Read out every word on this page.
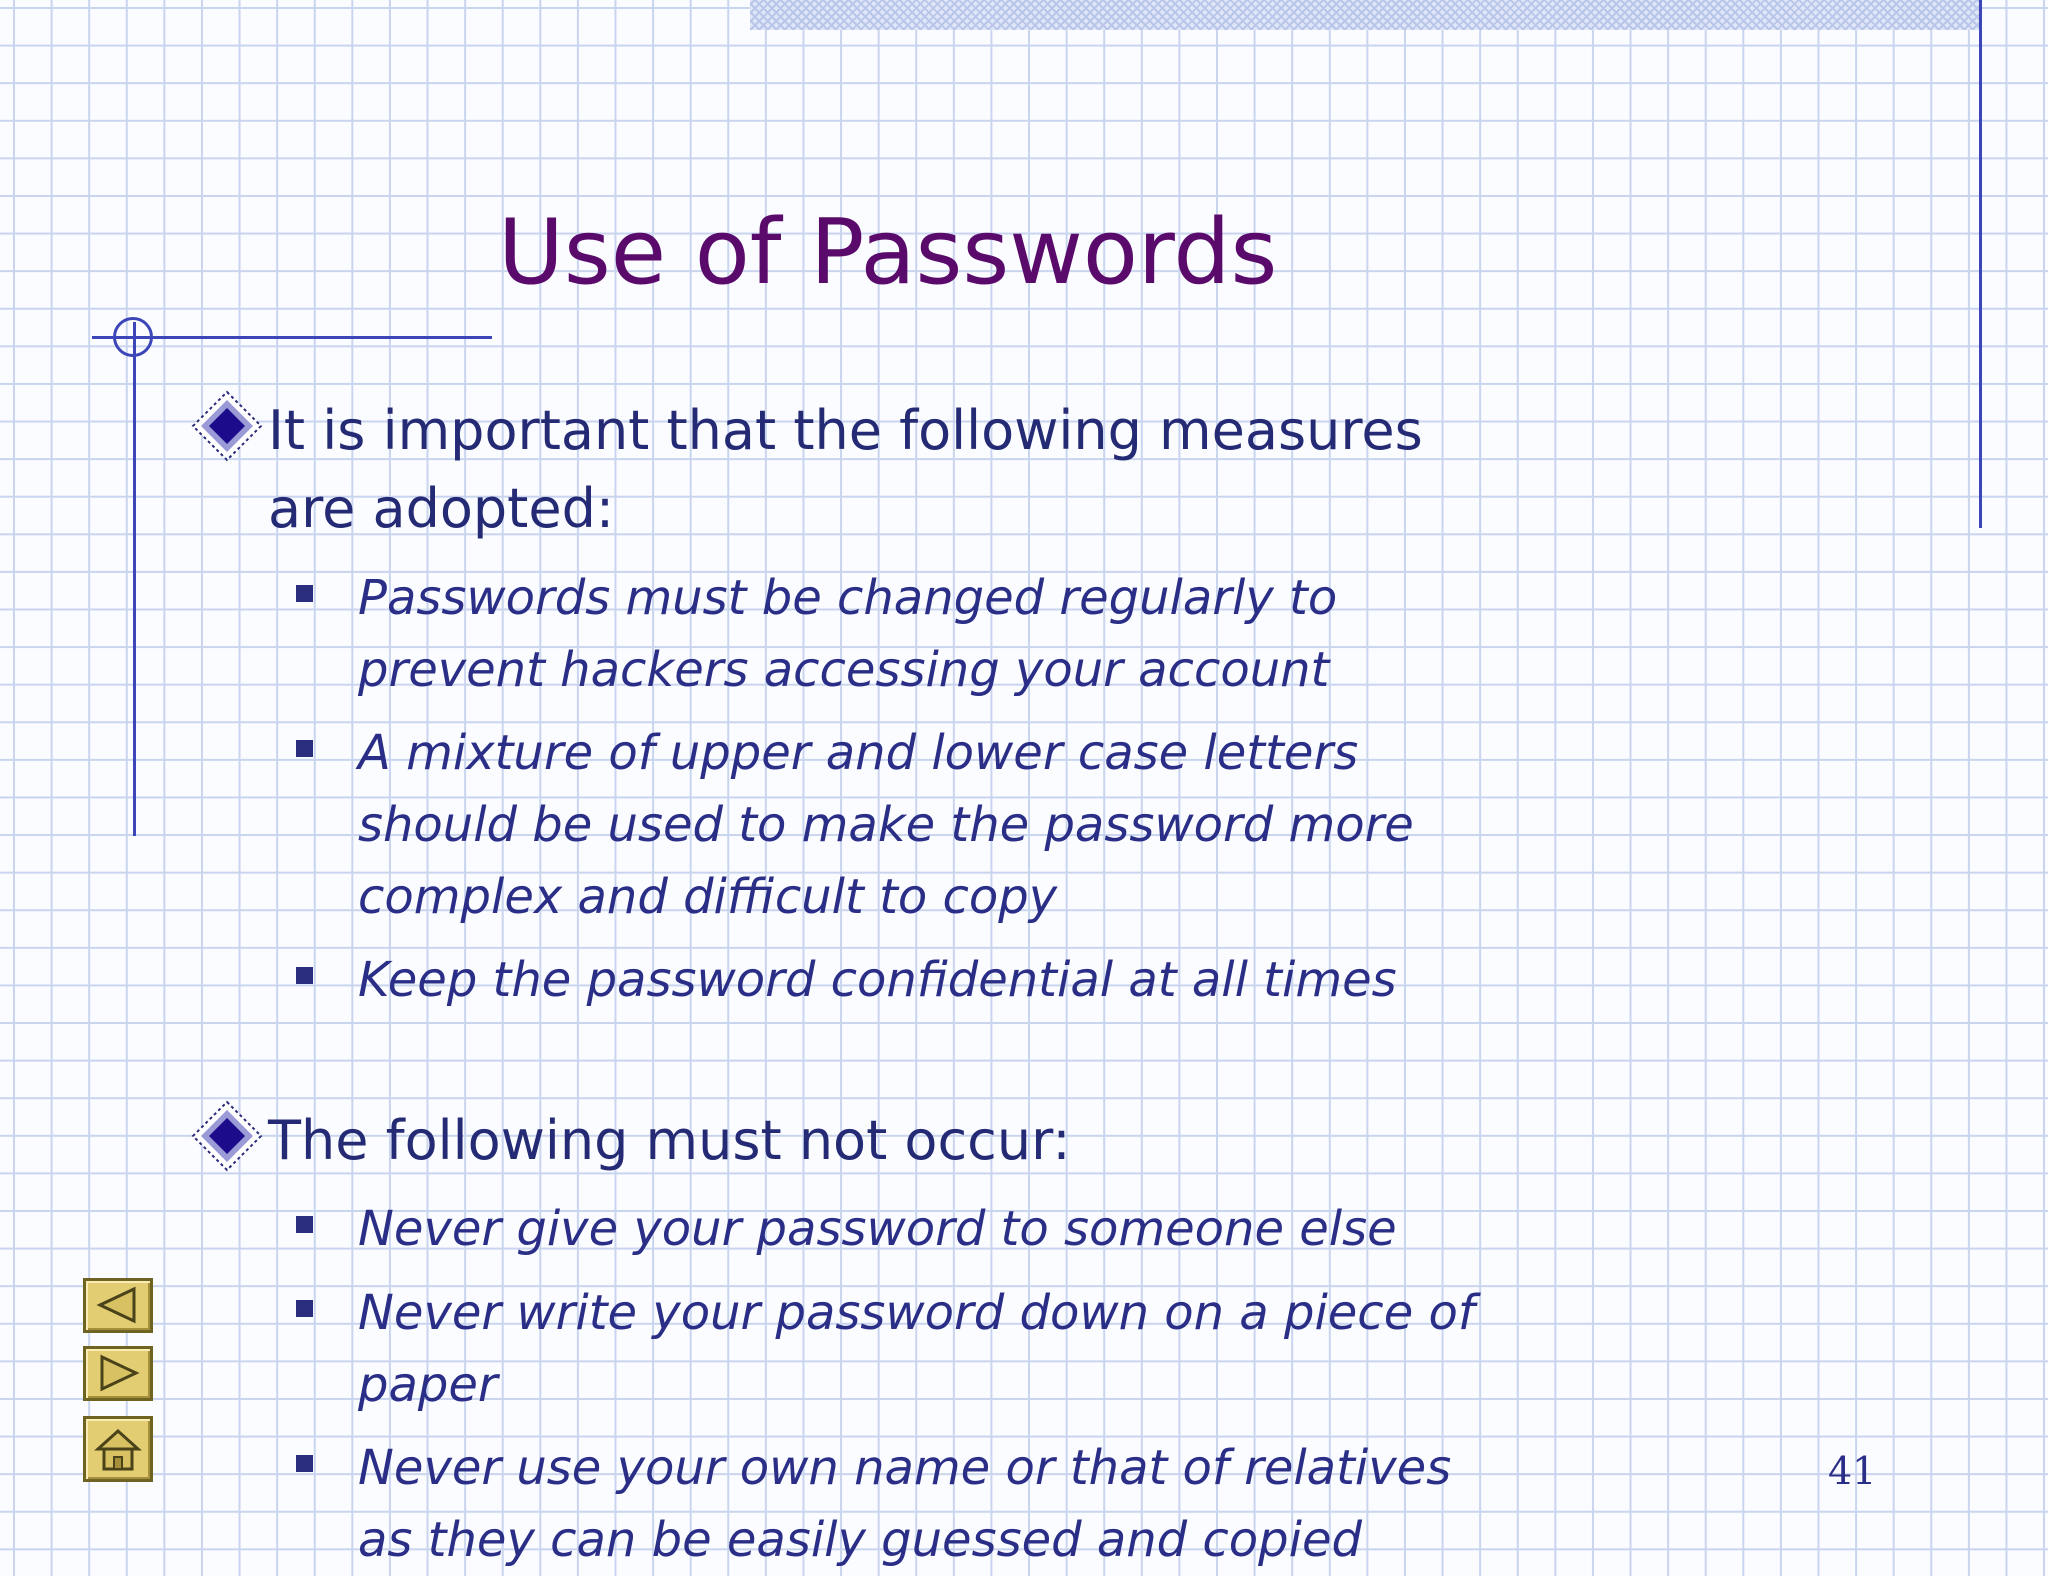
Use of Passwords

It is important that the following measures

are adopted:

Passwords must be changed regularly to

prevent hackers accessing your account

A mixture of upper and lower case letters

should be used to make the password more

complex and difficult to copy

Keep the password confidential at all times

The following must not occur:

Never give your password to someone else

Never write your password down on a piece of

paper

Never use your own name or that of relatives

as they can be easily guessed and copied

41
